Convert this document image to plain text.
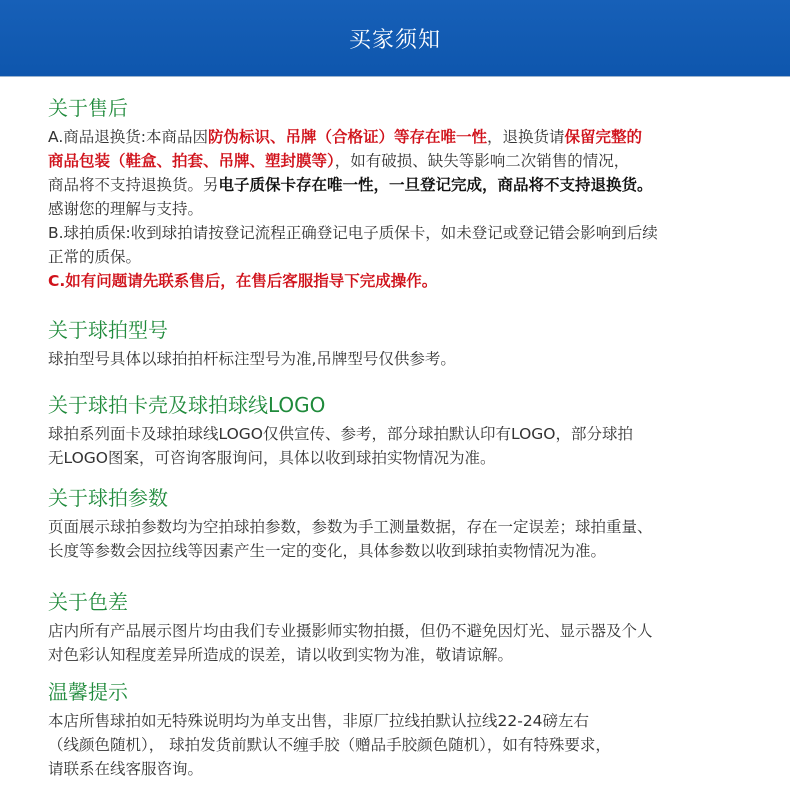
买家须知
关于售后
A.商品退换货:本商品因防伪标识、吊牌（合格证）等存在唯一性，退换货请保留完整的
商品包装（鞋盒、拍套、吊牌、塑封膜等），如有破损、缺失等影响二次销售的情况，
商品将不支持退换货。另电子质保卡存在唯一性，一旦登记完成，商品将不支持退换货。
感谢您的理解与支持。
B.球拍质保:收到球拍请按登记流程正确登记电子质保卡，如未登记或登记错会影响到后续
正常的质保。
C.如有问题请先联系售后，在售后客服指导下完成操作。
关于球拍型号
球拍型号具体以球拍拍杆标注型号为准,吊牌型号仅供参考。
关于球拍卡壳及球拍球线LOGO
球拍系列面卡及球拍球线LOGO仅供宣传、参考，部分球拍默认印有LOGO，部分球拍
无LOGO图案，可咨询客服询问，具体以收到球拍实物情况为准。
关于球拍参数
页面展示球拍参数均为空拍球拍参数，参数为手工测量数据，存在一定误差；球拍重量、
长度等参数会因拉线等因素产生一定的变化，具体参数以收到球拍卖物情况为准。
关于色差
店内所有产品展示图片均由我们专业摄影师实物拍摄，但仍不避免因灯光、显示器及个人
对色彩认知程度差异所造成的误差，请以收到实物为准，敬请谅解。
温馨提示
本店所售球拍如无特殊说明均为单支出售，非原厂拉线拍默认拉线22-24磅左右
（线颜色随机）， 球拍发货前默认不缠手胶（赠品手胶颜色随机），如有特殊要求，
请联系在线客服咨询。
